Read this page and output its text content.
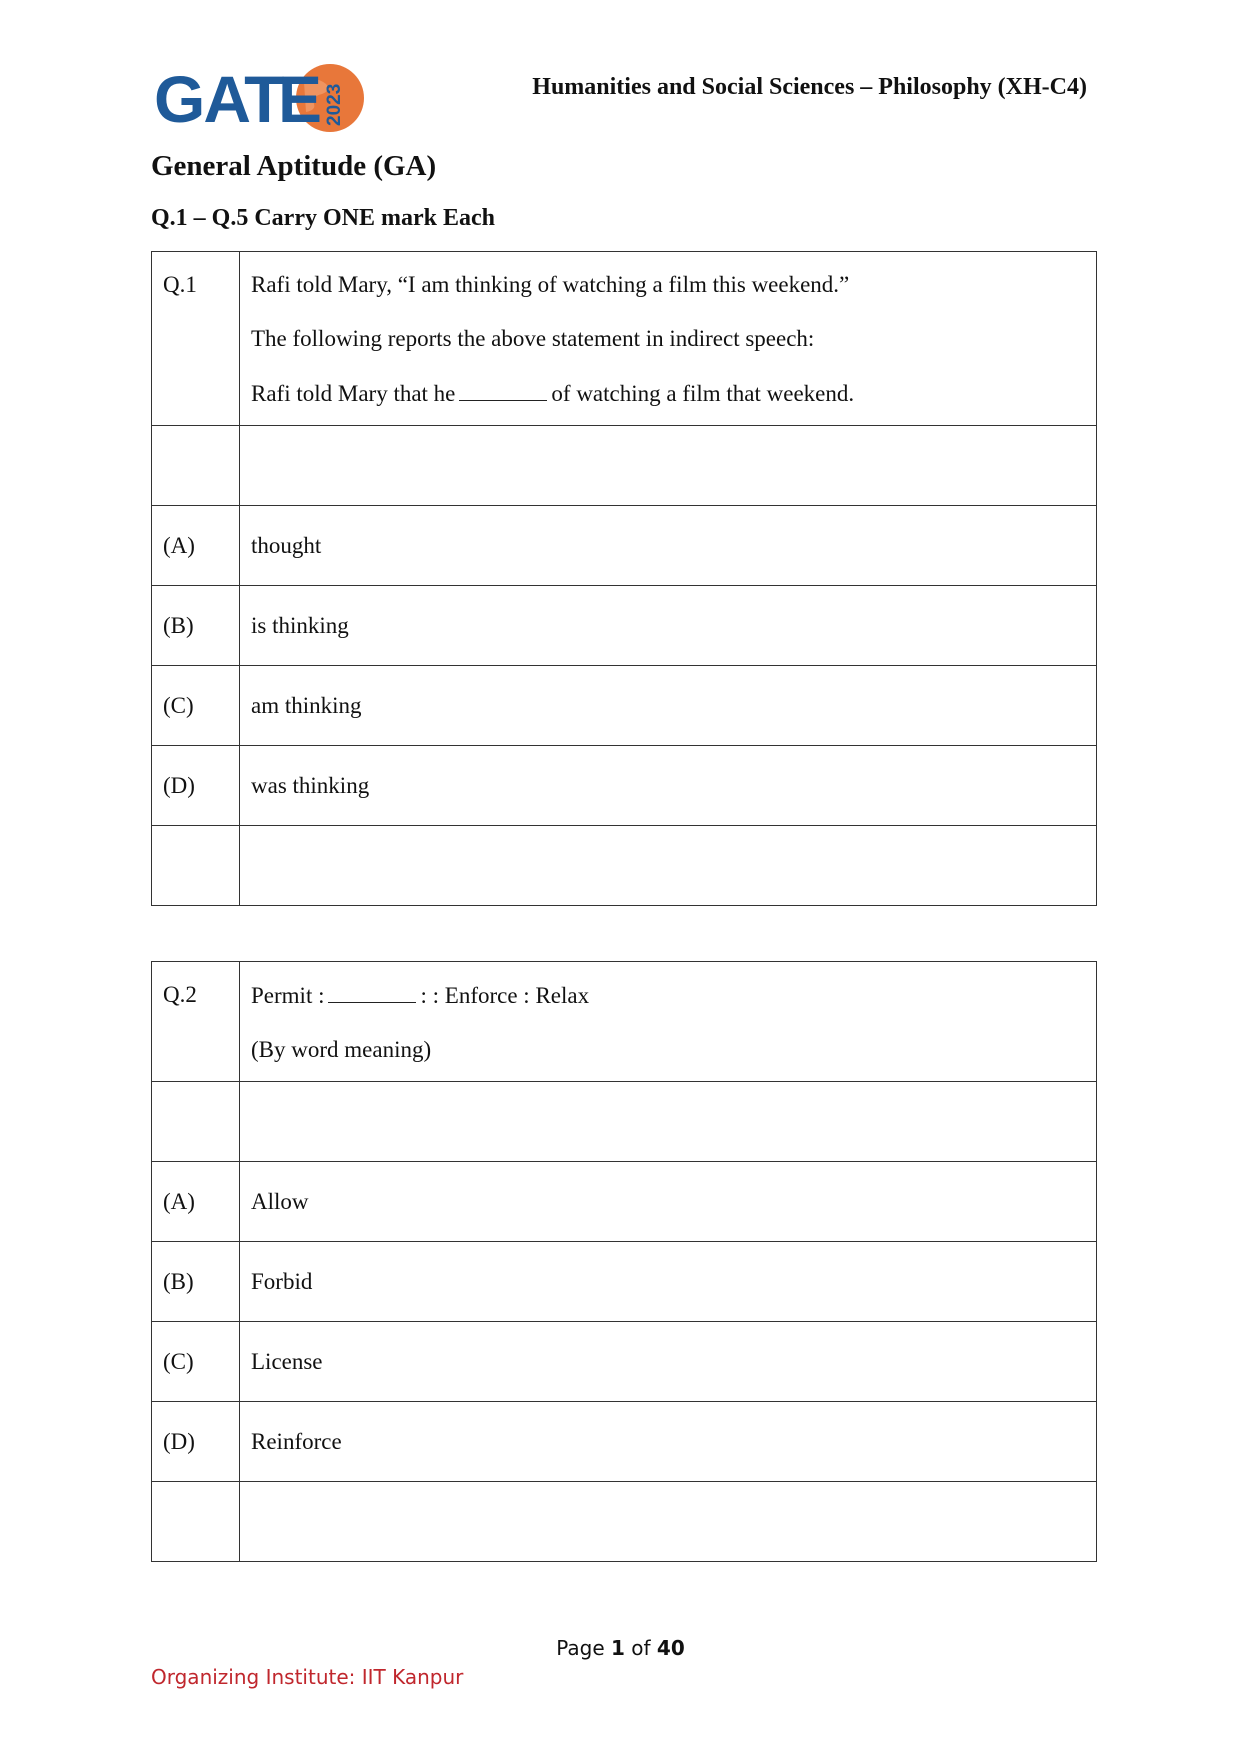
GAT
E 2023	Humanities and Social Sciences – Philosophy (XH-C4)
General Aptitude (GA)
Q.1 – Q.5 Carry ONE mark Each
Q.1	Rafi told Mary, “I am thinking of watching a film this weekend.”
The following reports the above statement in indirect speech:
Rafi told Mary that he of watching a film that weekend.

(A)	thought
(B)	is thinking
(C)	am thinking
(D)	was thinking

Q.2	Permit : : : Enforce : Relax
(By word meaning)

(A)	Allow
(B)	Forbid
(C)	License
(D)	Reinforce

Page 1 of 40
Organizing Institute: IIT Kanpur
